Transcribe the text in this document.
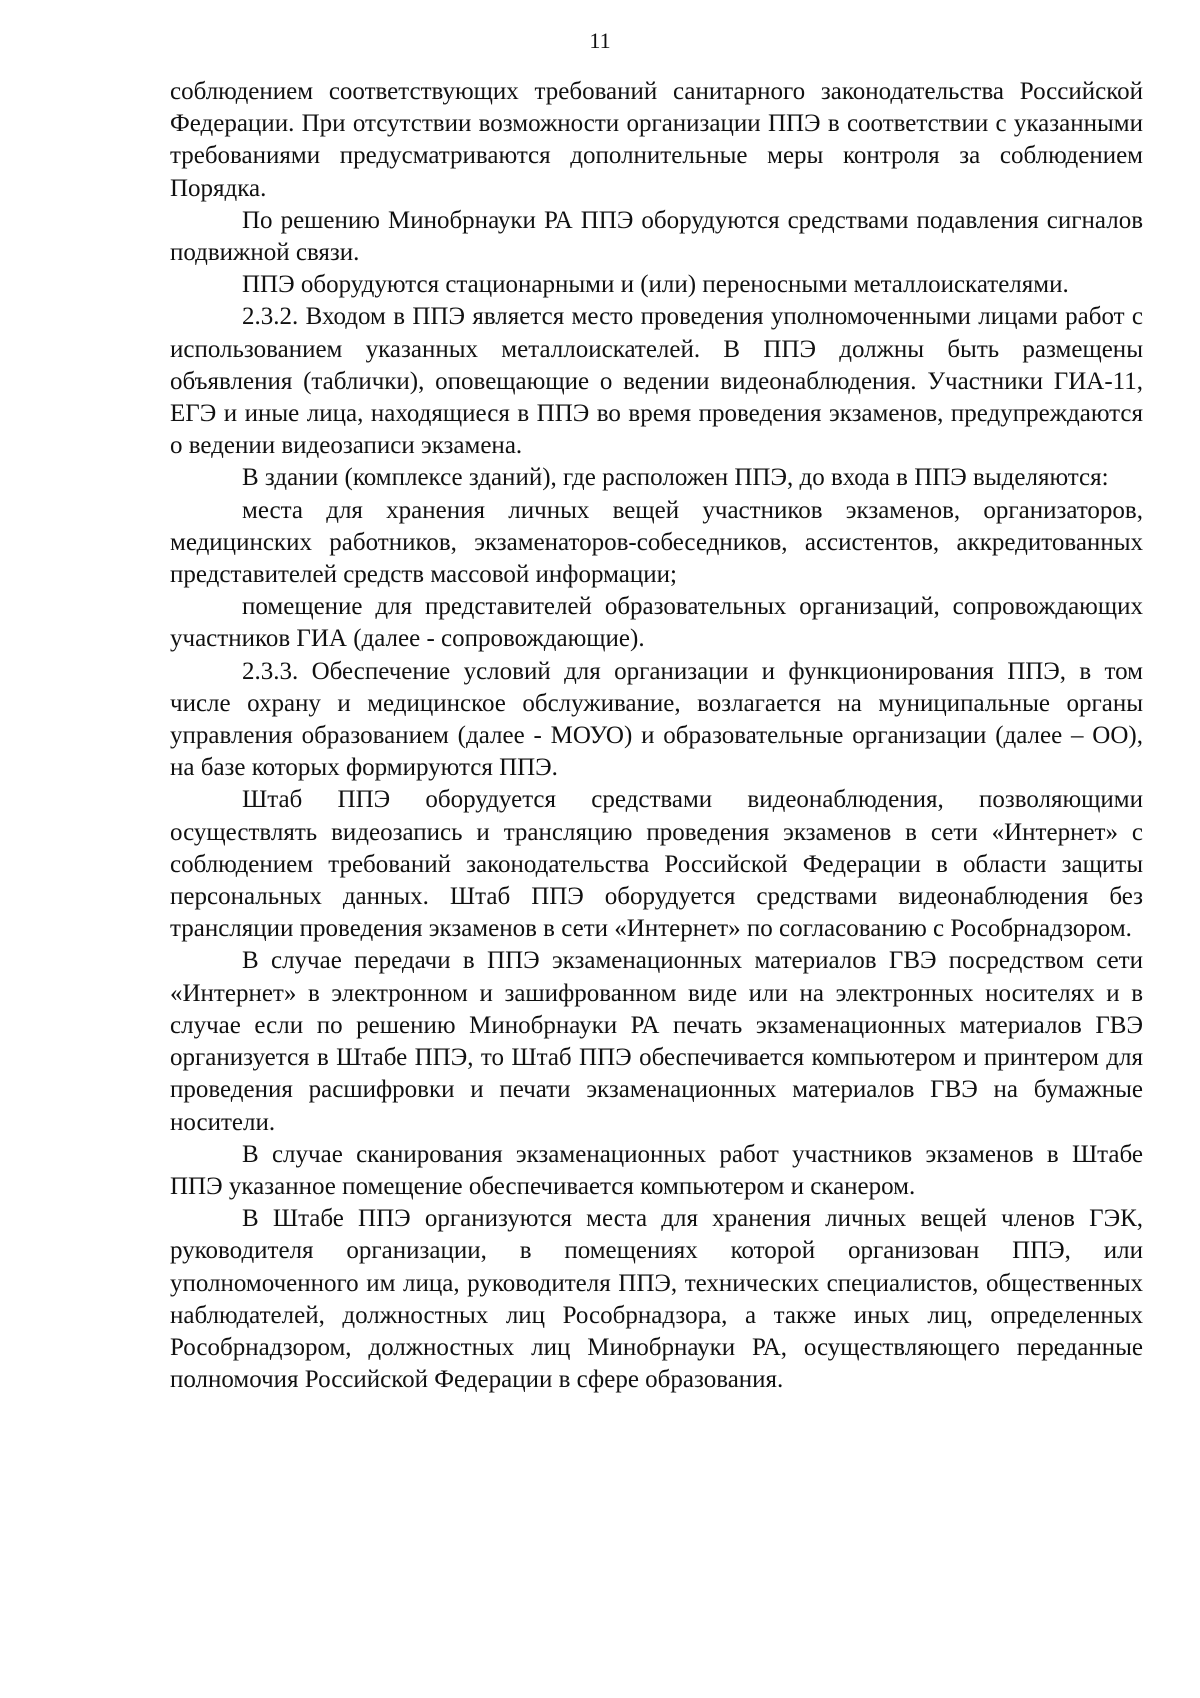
11

соблюдением соответствующих требований санитарного законодательства Российской Федерации. При отсутствии возможности организации ППЭ в соответствии с указанными требованиями предусматриваются дополнительные меры контроля за соблюдением Порядка.

По решению Минобрнауки РА ППЭ оборудуются средствами подавления сигналов подвижной связи.

ППЭ оборудуются стационарными и (или) переносными металлоискателями.

2.3.2. Входом в ППЭ является место проведения уполномоченными лицами работ с использованием указанных металлоискателей. В ППЭ должны быть размещены объявления (таблички), оповещающие о ведении видеонаблюдения. Участники ГИА-11, ЕГЭ и иные лица, находящиеся в ППЭ во время проведения экзаменов, предупреждаются о ведении видеозаписи экзамена.

В здании (комплексе зданий), где расположен ППЭ, до входа в ППЭ выделяются:

места для хранения личных вещей участников экзаменов, организаторов, медицинских работников, экзаменаторов-собеседников, ассистентов, аккредитованных представителей средств массовой информации;

помещение для представителей образовательных организаций, сопровождающих участников ГИА (далее - сопровождающие).

2.3.3. Обеспечение условий для организации и функционирования ППЭ, в том числе охрану и медицинское обслуживание, возлагается на муниципальные органы управления образованием (далее - МОУО) и образовательные организации (далее – ОО), на базе которых формируются ППЭ.

Штаб ППЭ оборудуется средствами видеонаблюдения, позволяющими осуществлять видеозапись и трансляцию проведения экзаменов в сети «Интернет» с соблюдением требований законодательства Российской Федерации в области защиты персональных данных. Штаб ППЭ оборудуется средствами видеонаблюдения без трансляции проведения экзаменов в сети «Интернет» по согласованию с Рособрнадзором.

В случае передачи в ППЭ экзаменационных материалов ГВЭ посредством сети «Интернет» в электронном и зашифрованном виде или на электронных носителях и в случае если по решению Минобрнауки РА печать экзаменационных материалов ГВЭ организуется в Штабе ППЭ, то Штаб ППЭ обеспечивается компьютером и принтером для проведения расшифровки и печати экзаменационных материалов ГВЭ на бумажные носители.

В случае сканирования экзаменационных работ участников экзаменов в Штабе ППЭ указанное помещение обеспечивается компьютером и сканером.

В Штабе ППЭ организуются места для хранения личных вещей членов ГЭК, руководителя организации, в помещениях которой организован ППЭ, или уполномоченного им лица, руководителя ППЭ, технических специалистов, общественных наблюдателей, должностных лиц Рособрнадзора, а также иных лиц, определенных Рособрнадзором, должностных лиц Минобрнауки РА, осуществляющего переданные полномочия Российской Федерации в сфере образования.
